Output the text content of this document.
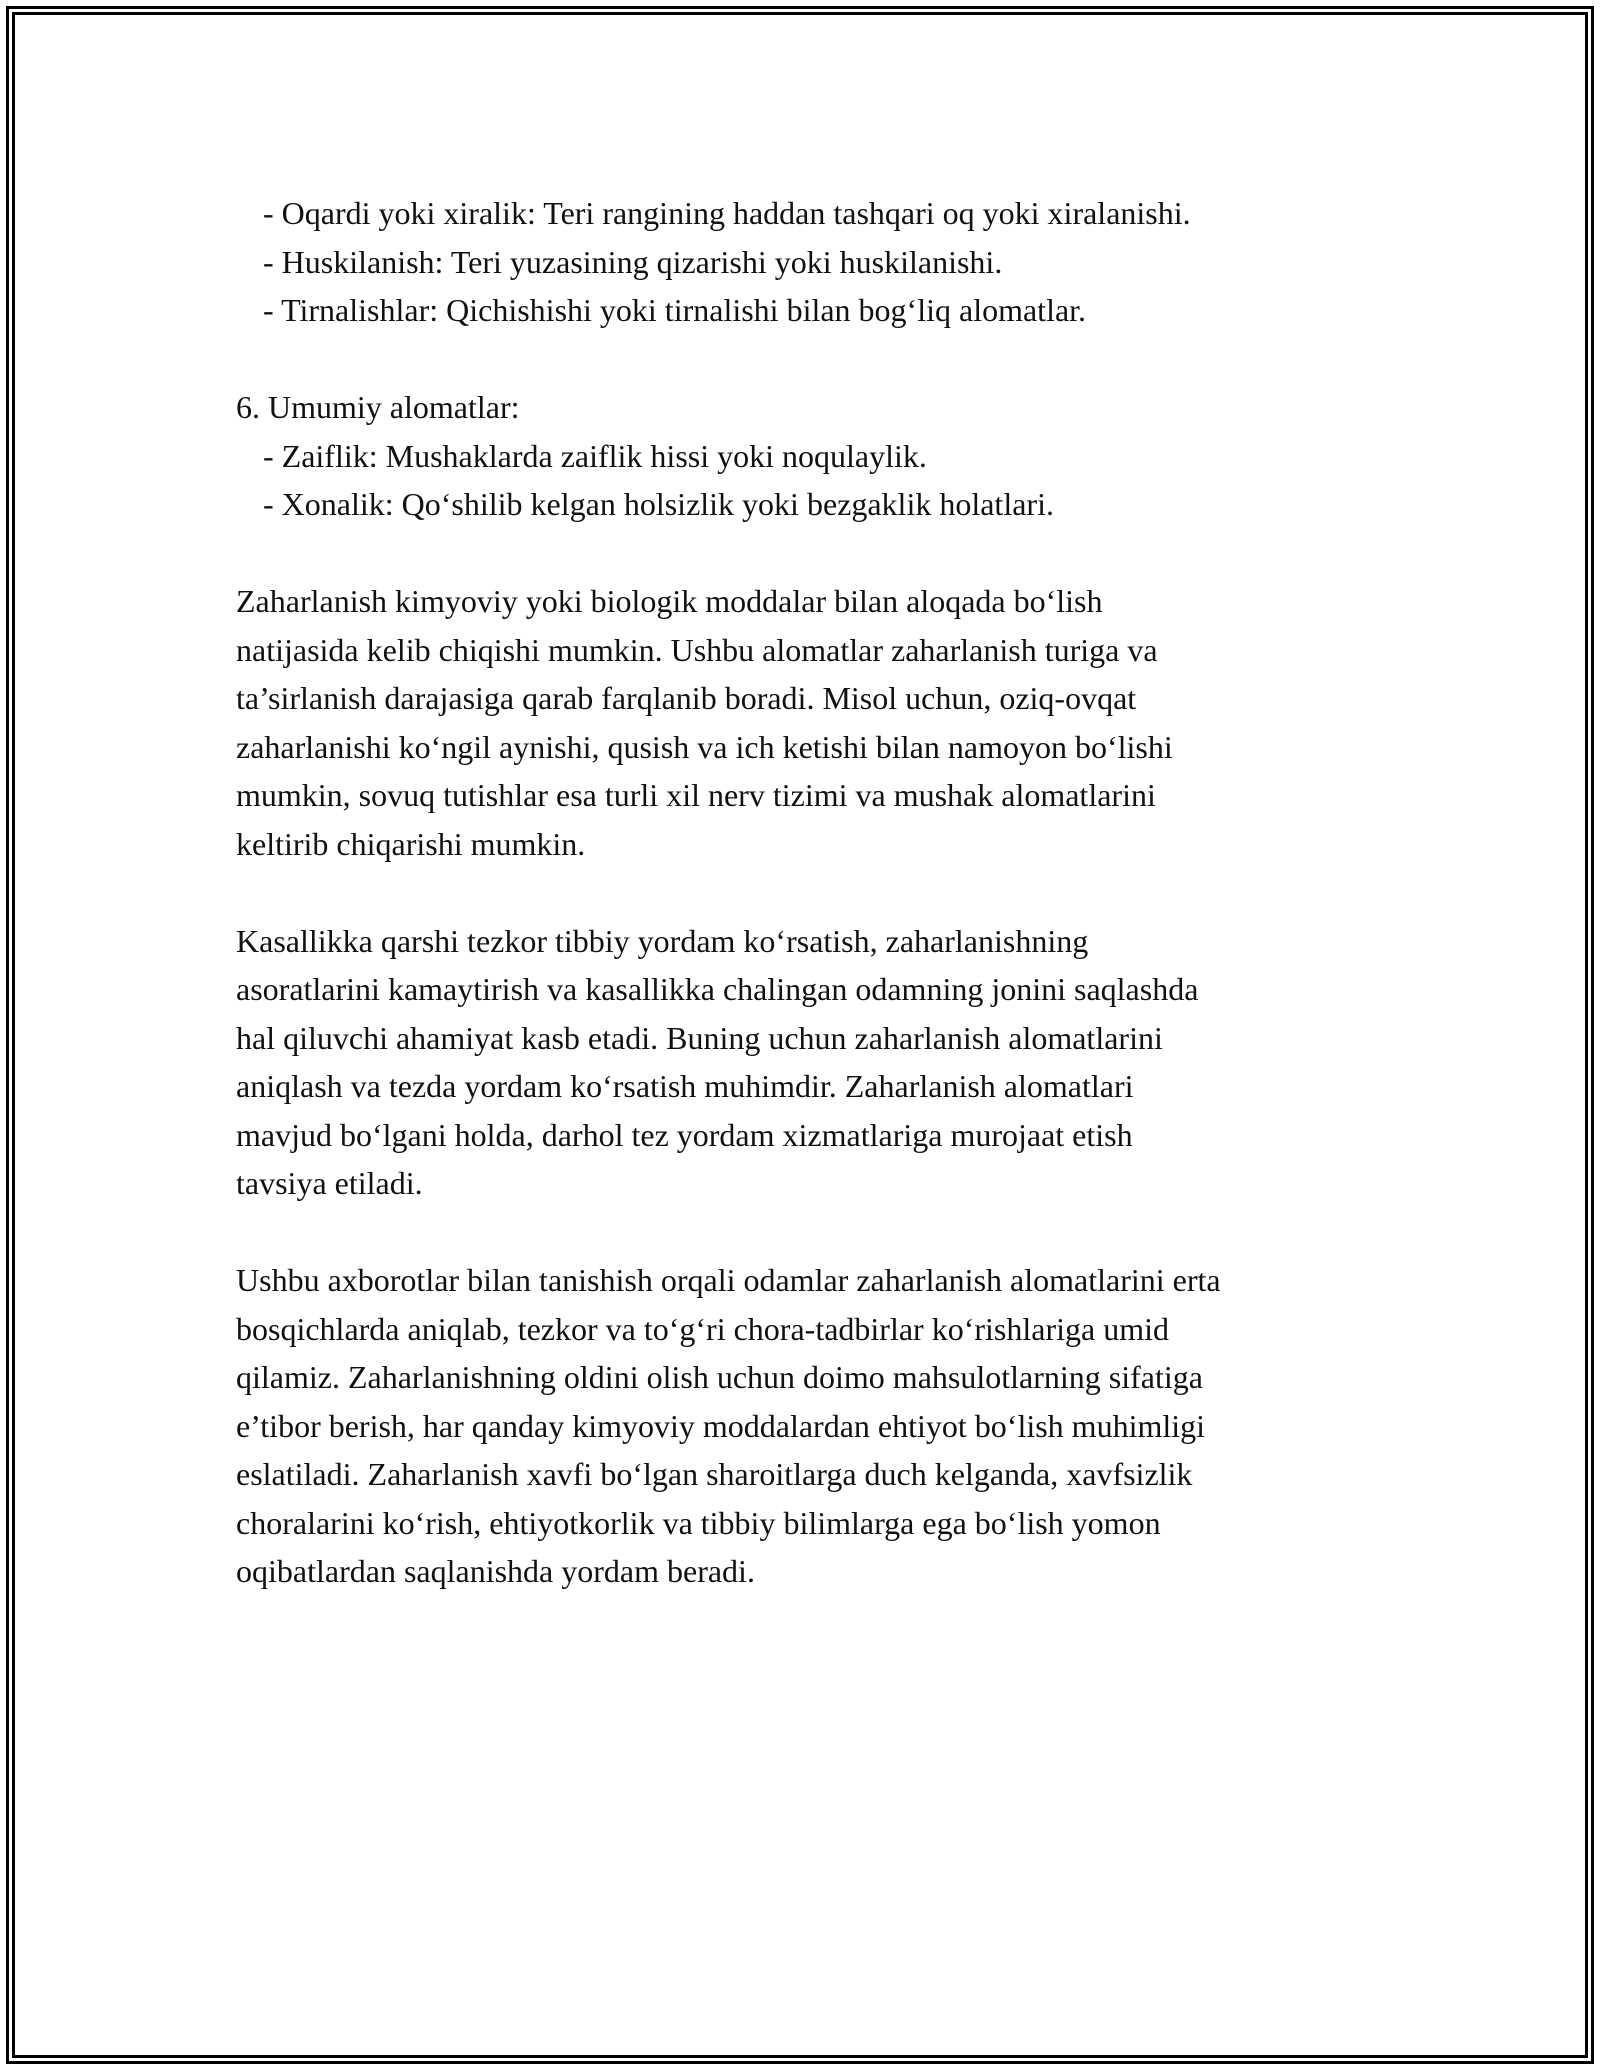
- Oqardi yoki xiralik: Teri rangining haddan tashqari oq yoki xiralanishi.

- Huskilanish: Teri yuzasining qizarishi yoki huskilanishi.

- Tirnalishlar: Qichishishi yoki tirnalishi bilan bog‘liq alomatlar.

6. Umumiy alomatlar:

- Zaiflik: Mushaklarda zaiflik hissi yoki noqulaylik.

- Xonalik: Qo‘shilib kelgan holsizlik yoki bezgaklik holatlari.

Zaharlanish kimyoviy yoki biologik moddalar bilan aloqada bo‘lish
natijasida kelib chiqishi mumkin. Ushbu alomatlar zaharlanish turiga va
ta’sirlanish darajasiga qarab farqlanib boradi. Misol uchun, oziq-ovqat
zaharlanishi ko‘ngil aynishi, qusish va ich ketishi bilan namoyon bo‘lishi
mumkin, sovuq tutishlar esa turli xil nerv tizimi va mushak alomatlarini
keltirib chiqarishi mumkin.

Kasallikka qarshi tezkor tibbiy yordam ko‘rsatish, zaharlanishning
asoratlarini kamaytirish va kasallikka chalingan odamning jonini saqlashda
hal qiluvchi ahamiyat kasb etadi. Buning uchun zaharlanish alomatlarini
aniqlash va tezda yordam ko‘rsatish muhimdir. Zaharlanish alomatlari
mavjud bo‘lgani holda, darhol tez yordam xizmatlariga murojaat etish
tavsiya etiladi.

Ushbu axborotlar bilan tanishish orqali odamlar zaharlanish alomatlarini erta
bosqichlarda aniqlab, tezkor va to‘g‘ri chora-tadbirlar ko‘rishlariga umid
qilamiz. Zaharlanishning oldini olish uchun doimo mahsulotlarning sifatiga
e’tibor berish, har qanday kimyoviy moddalardan ehtiyot bo‘lish muhimligi
eslatiladi. Zaharlanish xavfi bo‘lgan sharoitlarga duch kelganda, xavfsizlik
choralarini ko‘rish, ehtiyotkorlik va tibbiy bilimlarga ega bo‘lish yomon
oqibatlardan saqlanishda yordam beradi.
